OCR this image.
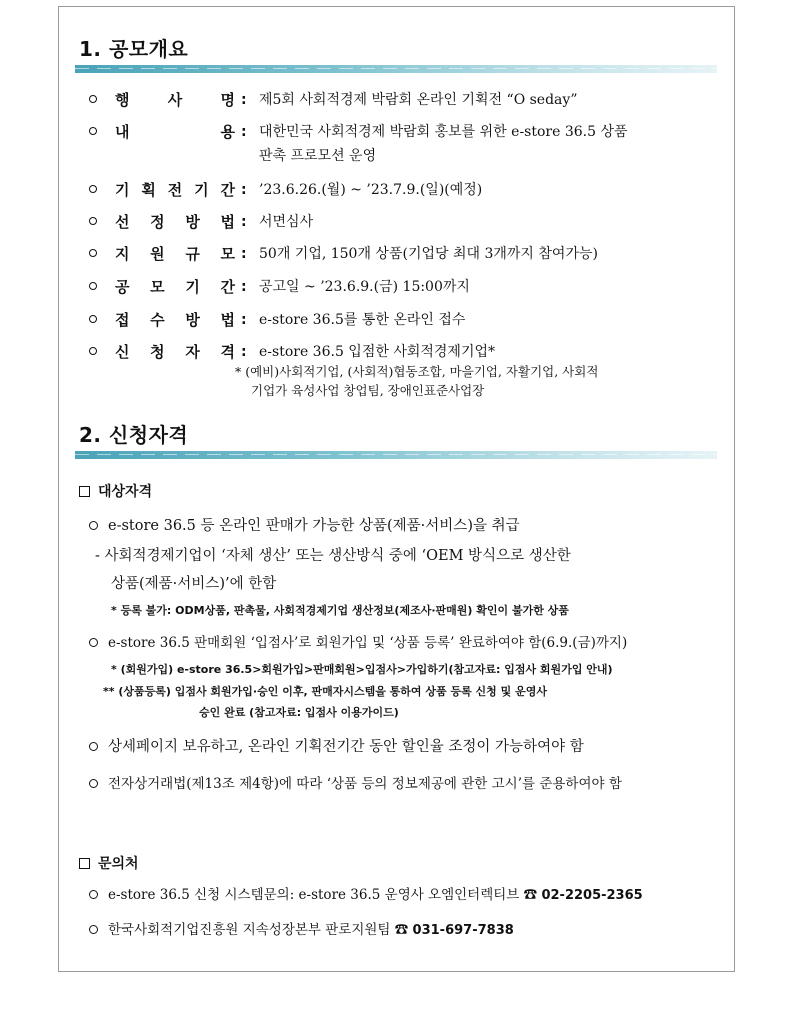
1. 공모개요
행	사	명 : 제5회 사회적경제 박람회 온라인 기획전 “O seday”
내	용 : 대한민국 사회적경제 박람회 홍보를 위한 e-store 36.5 상품
판촉 프로모션 운영
기 획 전 기 간 : ’23.6.26.(월) ~ ’23.7.9.(일)(예정)
선 정 방 법 : 서면심사
지 원 규 모 : 50개 기업, 150개 상품(기업당 최대 3개까지 참여가능)
공 모 기 간 : 공고일 ~ ’23.6.9.(금) 15:00까지
접 수 방 법 : e-store 36.5를 통한 온라인 접수
신 청 자 격 : e-store 36.5 입점한 사회적경제기업*
* (예비)사회적기업, (사회적)협동조합, 마을기업, 자활기업, 사회적
기업가 육성사업 창업팀, 장애인표준사업장
2. 신청자격
대상자격
e-store 36.5 등 온라인 판매가 가능한 상품(제품·서비스)을 취급
- 사회적경제기업이 ‘자체 생산’ 또는 생산방식 중에 ‘OEM 방식으로 생산한
상품(제품·서비스)’에 한함
* 등록 불가: ODM상품, 판촉물, 사회적경제기업 생산정보(제조사·판매원) 확인이 불가한 상품
e-store 36.5 판매회원 ‘입점사’로 회원가입 및 ‘상품 등록’ 완료하여야 함(6.9.(금)까지)
* (회원가입) e-store 36.5>회원가입>판매회원>입점사>가입하기(참고자료: 입점사 회원가입 안내)
** (상품등록) 입점사 회원가입·승인 이후, 판매자시스템을 통하여 상품 등록 신청 및 운영사
승인 완료 (참고자료: 입점사 이용가이드)
상세페이지 보유하고, 온라인 기획전기간 동안 할인율 조정이 가능하여야 함
전자상거래법(제13조 제4항)에 따라 ‘상품 등의 정보제공에 관한 고시’를 준용하여야 함
문의처
e-store 36.5 신청 시스템문의: e-store 36.5 운영사 오엠인터렉티브 ☎ 02-2205-2365
한국사회적기업진흥원 지속성장본부 판로지원팀 ☎ 031-697-7838
